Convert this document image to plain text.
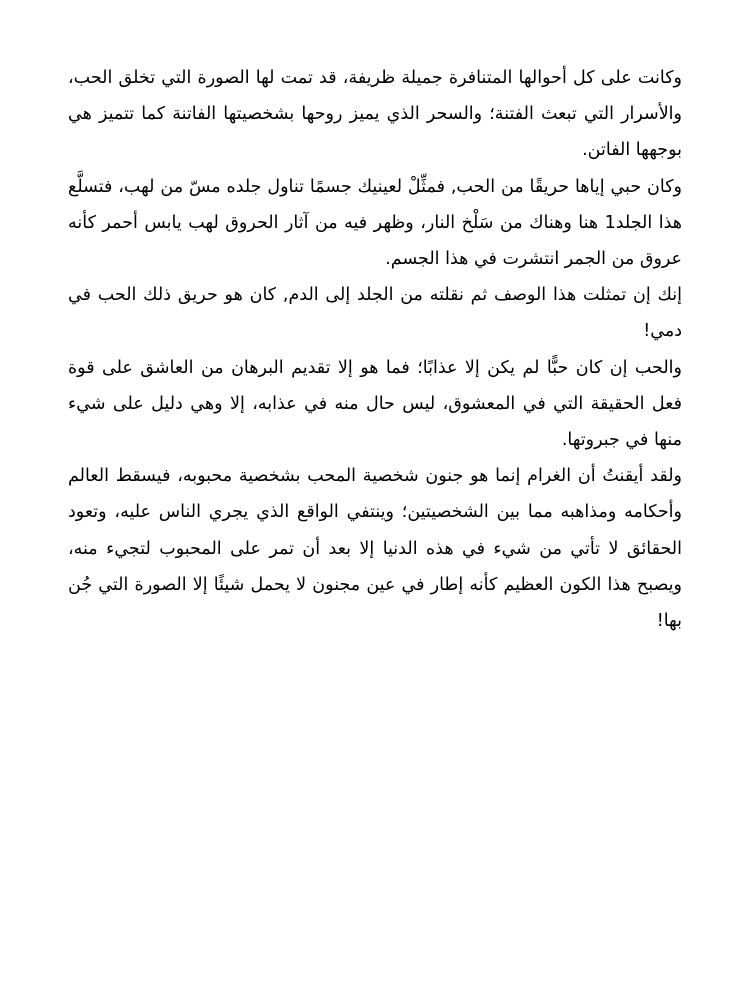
وكانت على كل أحوالها المتنافرة جميلة ظريفة، قد تمت لها الصورة التي تخلق الحب، والأسرار التي تبعث الفتنة؛ والسحر الذي يميز روحها بشخصيتها الفاتنة كما تتميز هي بوجهها الفاتن.

وكان حبي إياها حريقًا من الحب, فمثِّلْ لعينيك جسمًا تناول جلده مسّ من لهب، فتسلَّع هذا الجلد1 هنا وهناك من سَلْخ النار، وظهر فيه من آثار الحروق لهب يابس أحمر كأنه عروق من الجمر انتشرت في هذا الجسم.

إنك إن تمثلت هذا الوصف ثم نقلته من الجلد إلى الدم, كان هو حريق ذلك الحب في دمي!

والحب إن كان حبًّا لم يكن إلا عذابًا؛ فما هو إلا تقديم البرهان من العاشق على قوة فعل الحقيقة التي في المعشوق، ليس حال منه في عذابه، إلا وهي دليل على شيء منها في جبروتها.

ولقد أيقنتُ أن الغرام إنما هو جنون شخصية المحب بشخصية محبوبه، فيسقط العالم وأحكامه ومذاهبه مما بين الشخصيتين؛ وينتفي الواقع الذي يجري الناس عليه، وتعود الحقائق لا تأتي من شيء في هذه الدنيا إلا بعد أن تمر على المحبوب لتجيء منه، ويصبح هذا الكون العظيم كأنه إطار في عين مجنون لا يحمل شيئًا إلا الصورة التي جُن بها!
